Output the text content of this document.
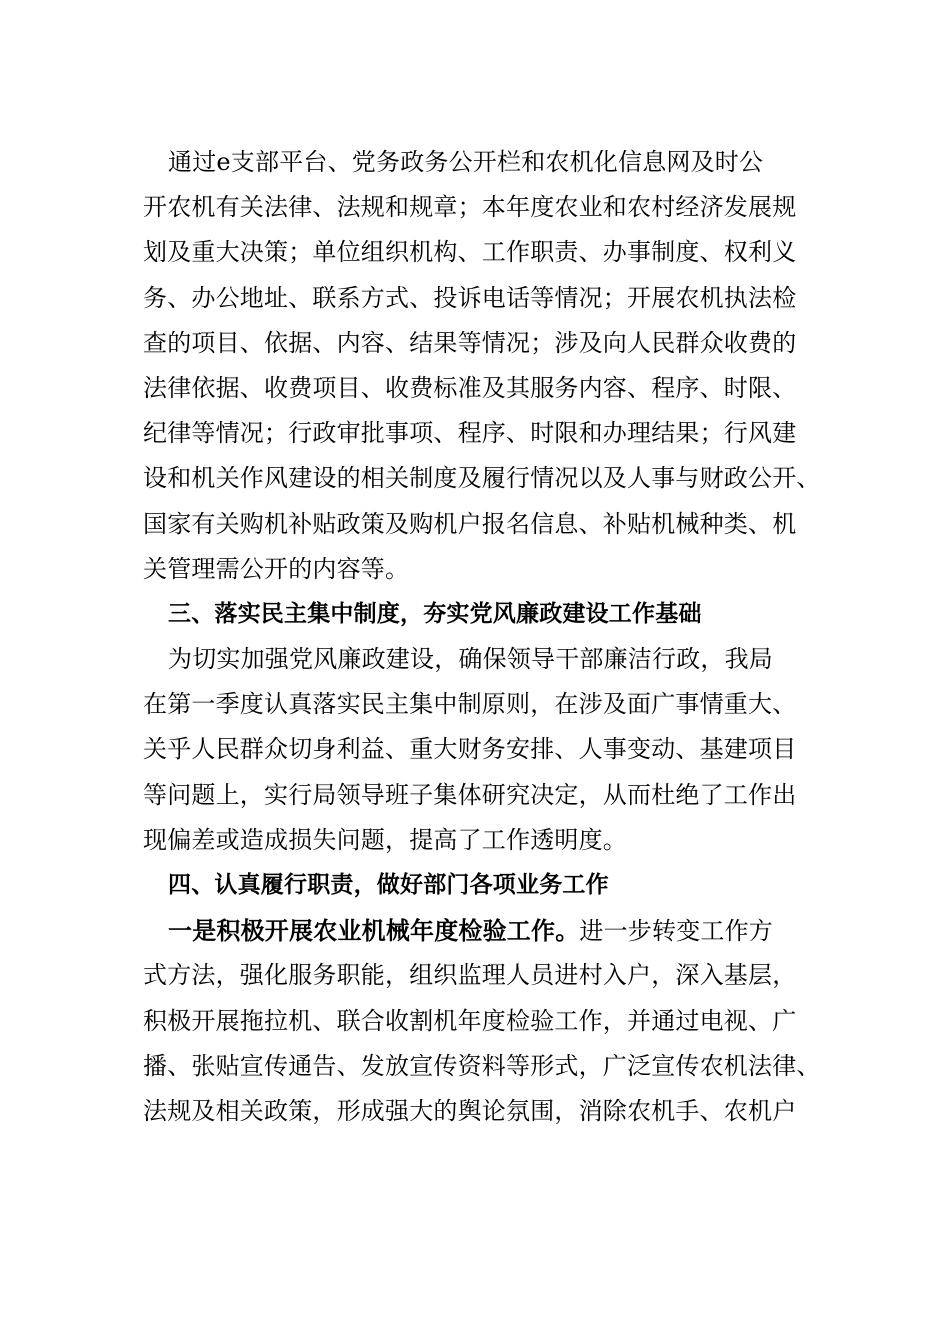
通过e支部平台、党务政务公开栏和农机化信息网及时公
开农机有关法律、法规和规章；本年度农业和农村经济发展规
划及重大决策；单位组织机构、工作职责、办事制度、权利义
务、办公地址、联系方式、投诉电话等情况；开展农机执法检
查的项目、依据、内容、结果等情况；涉及向人民群众收费的
法律依据、收费项目、收费标准及其服务内容、程序、时限、
纪律等情况；行政审批事项、程序、时限和办理结果；行风建
设和机关作风建设的相关制度及履行情况以及人事与财政公开、
国家有关购机补贴政策及购机户报名信息、补贴机械种类、机
关管理需公开的内容等。
三、落实民主集中制度，夯实党风廉政建设工作基础
为切实加强党风廉政建设，确保领导干部廉洁行政，我局
在第一季度认真落实民主集中制原则，在涉及面广事情重大、
关乎人民群众切身利益、重大财务安排、人事变动、基建项目
等问题上，实行局领导班子集体研究决定，从而杜绝了工作出
现偏差或造成损失问题，提高了工作透明度。
四、认真履行职责，做好部门各项业务工作
一是积极开展农业机械年度检验工作。进一步转变工作方
式方法，强化服务职能，组织监理人员进村入户，深入基层，
积极开展拖拉机、联合收割机年度检验工作，并通过电视、广
播、张贴宣传通告、发放宣传资料等形式，广泛宣传农机法律、
法规及相关政策，形成强大的舆论氛围，消除农机手、农机户
